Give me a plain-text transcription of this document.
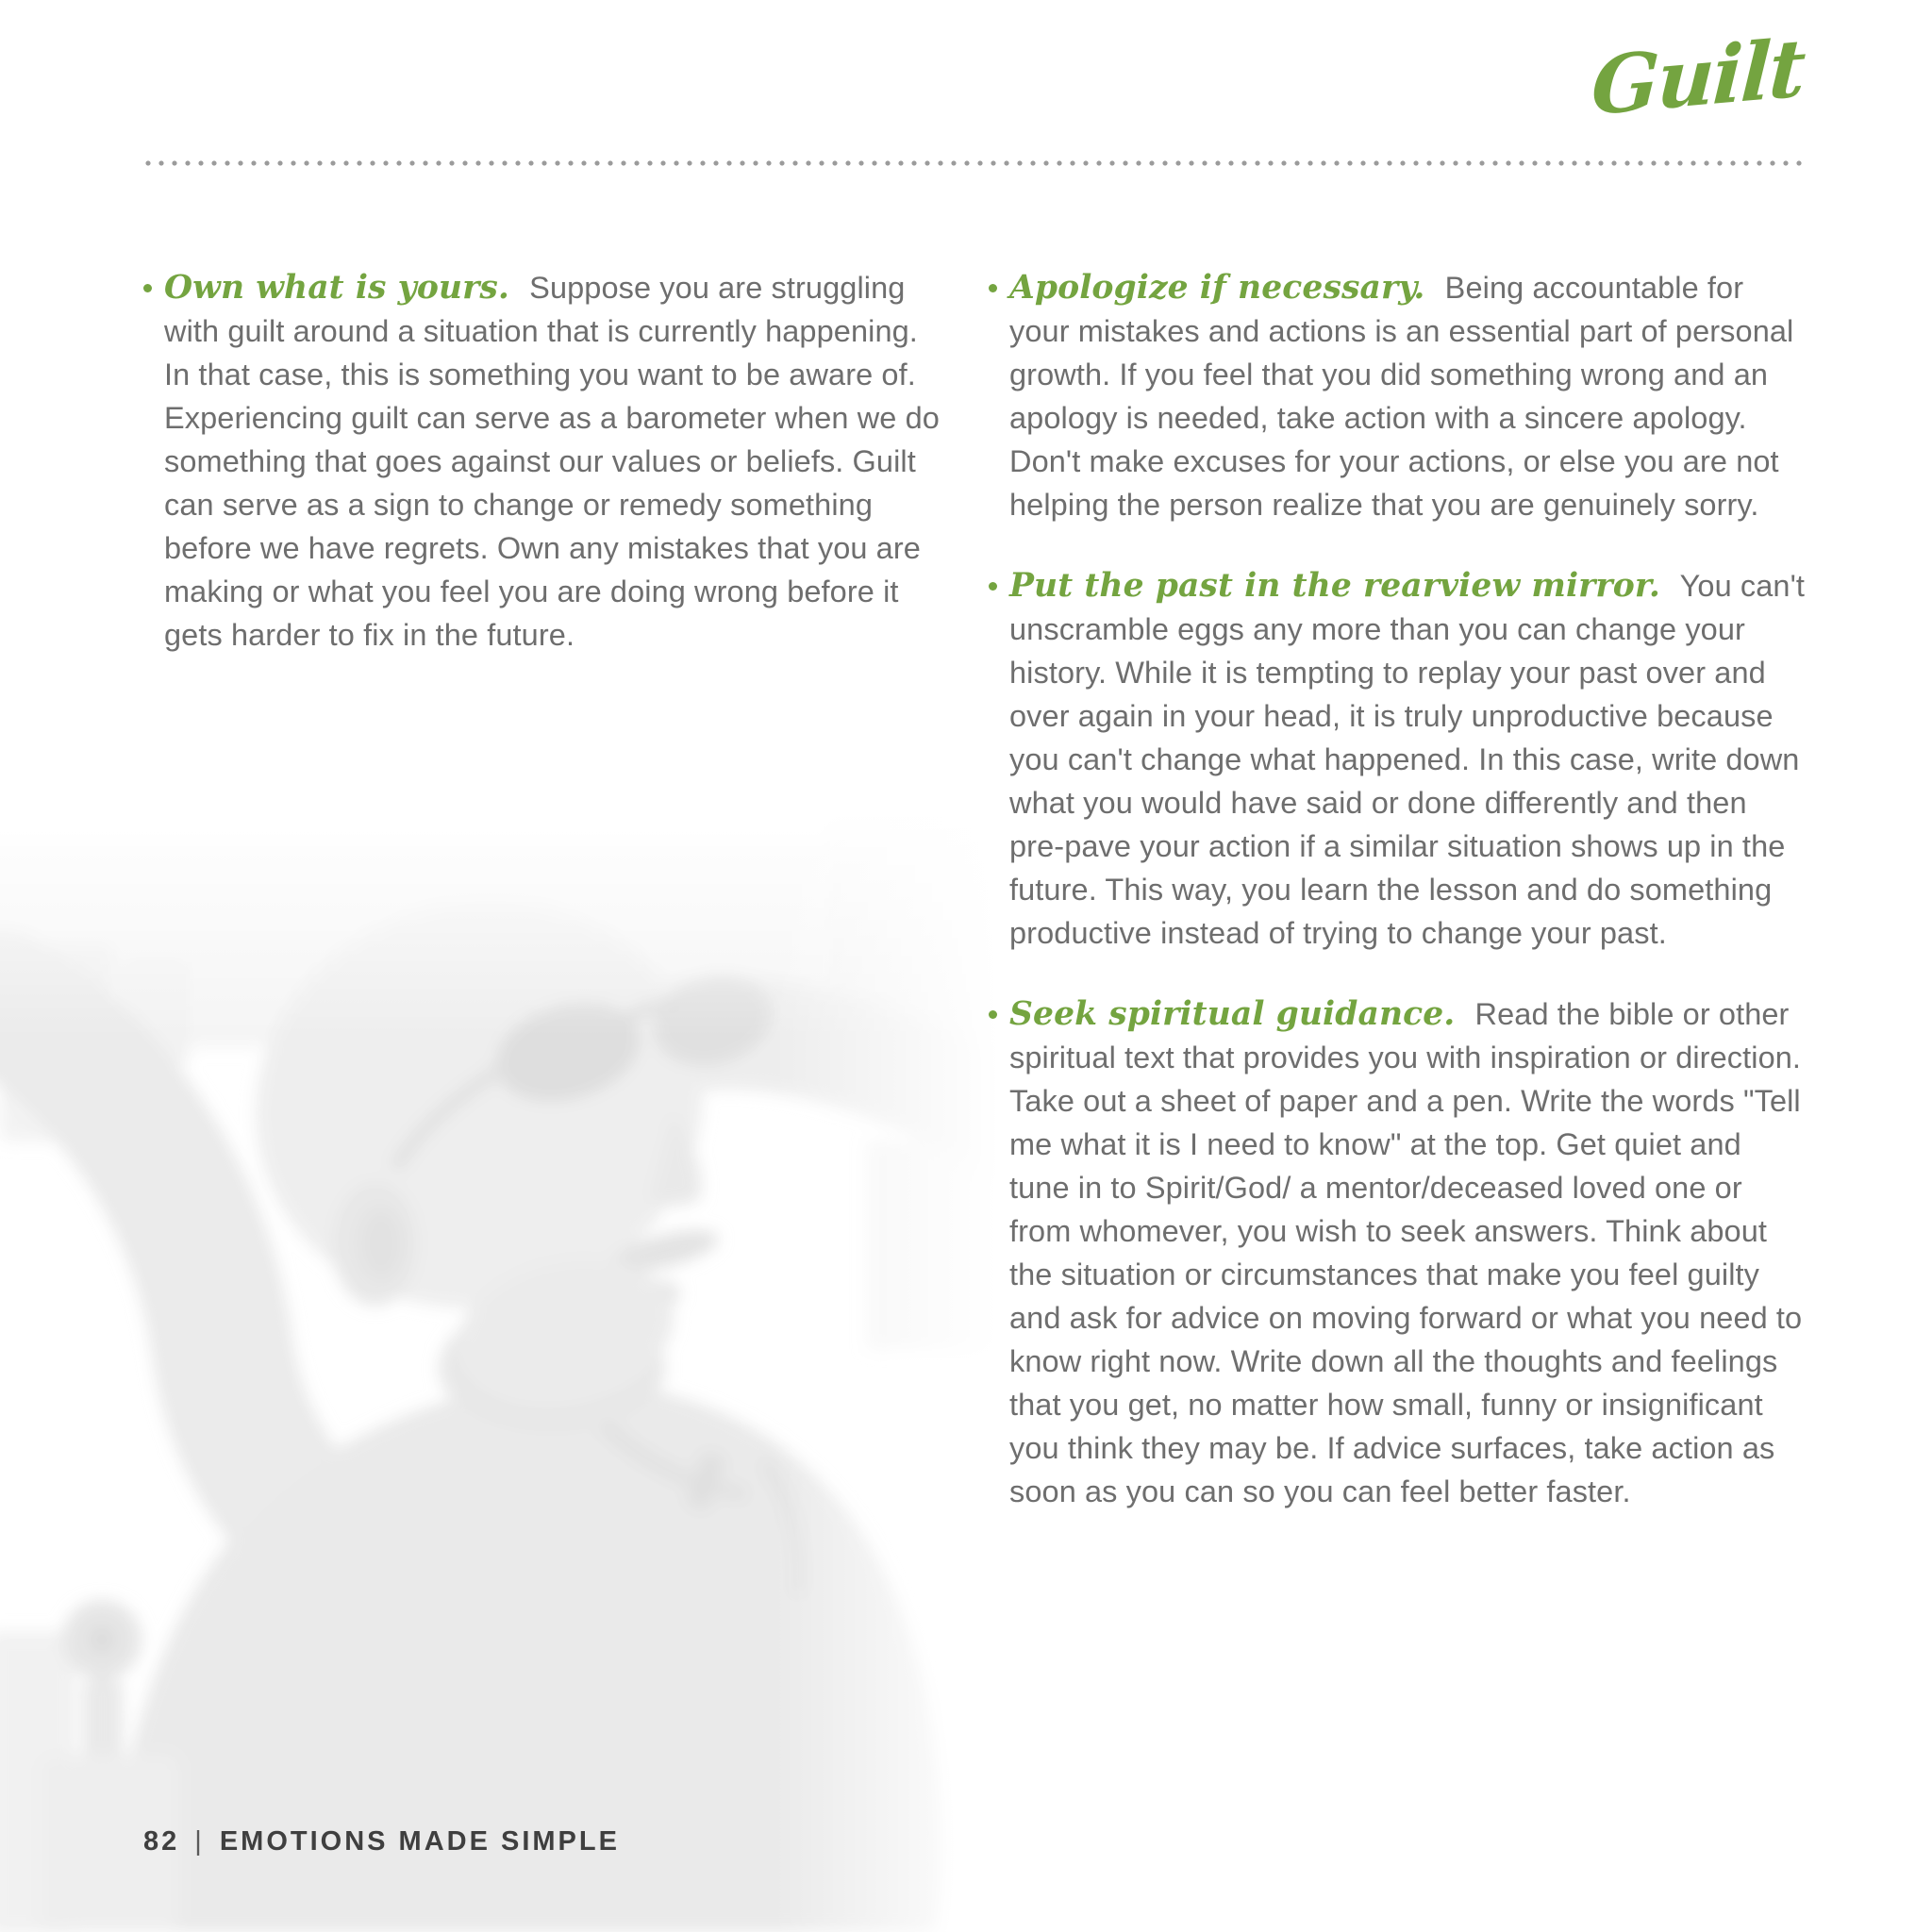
Guilt

Own what is yours. Suppose you are struggling with guilt around a situation that is currently happening. In that case, this is something you want to be aware of. Experiencing guilt can serve as a barometer when we do something that goes against our values or beliefs. Guilt can serve as a sign to change or remedy something before we have regrets. Own any mistakes that you are making or what you feel you are doing wrong before it gets harder to fix in the future.

Apologize if necessary. Being accountable for your mistakes and actions is an essential part of personal growth. If you feel that you did something wrong and an apology is needed, take action with a sincere apology. Don't make excuses for your actions, or else you are not helping the person realize that you are genuinely sorry.

Put the past in the rearview mirror. You can't unscramble eggs any more than you can change your history. While it is tempting to replay your past over and over again in your head, it is truly unproductive because you can't change what happened. In this case, write down what you would have said or done differently and then pre-pave your action if a similar situation shows up in the future. This way, you learn the lesson and do something productive instead of trying to change your past.

Seek spiritual guidance. Read the bible or other spiritual text that provides you with inspiration or direction. Take out a sheet of paper and a pen. Write the words "Tell me what it is I need to know" at the top. Get quiet and tune in to Spirit/God/ a mentor/deceased loved one or from whomever, you wish to seek answers. Think about the situation or circumstances that make you feel guilty and ask for advice on moving forward or what you need to know right now. Write down all the thoughts and feelings that you get, no matter how small, funny or insignificant you think they may be. If advice surfaces, take action as soon as you can so you can feel better faster.

82 | EMOTIONS MADE SIMPLE
